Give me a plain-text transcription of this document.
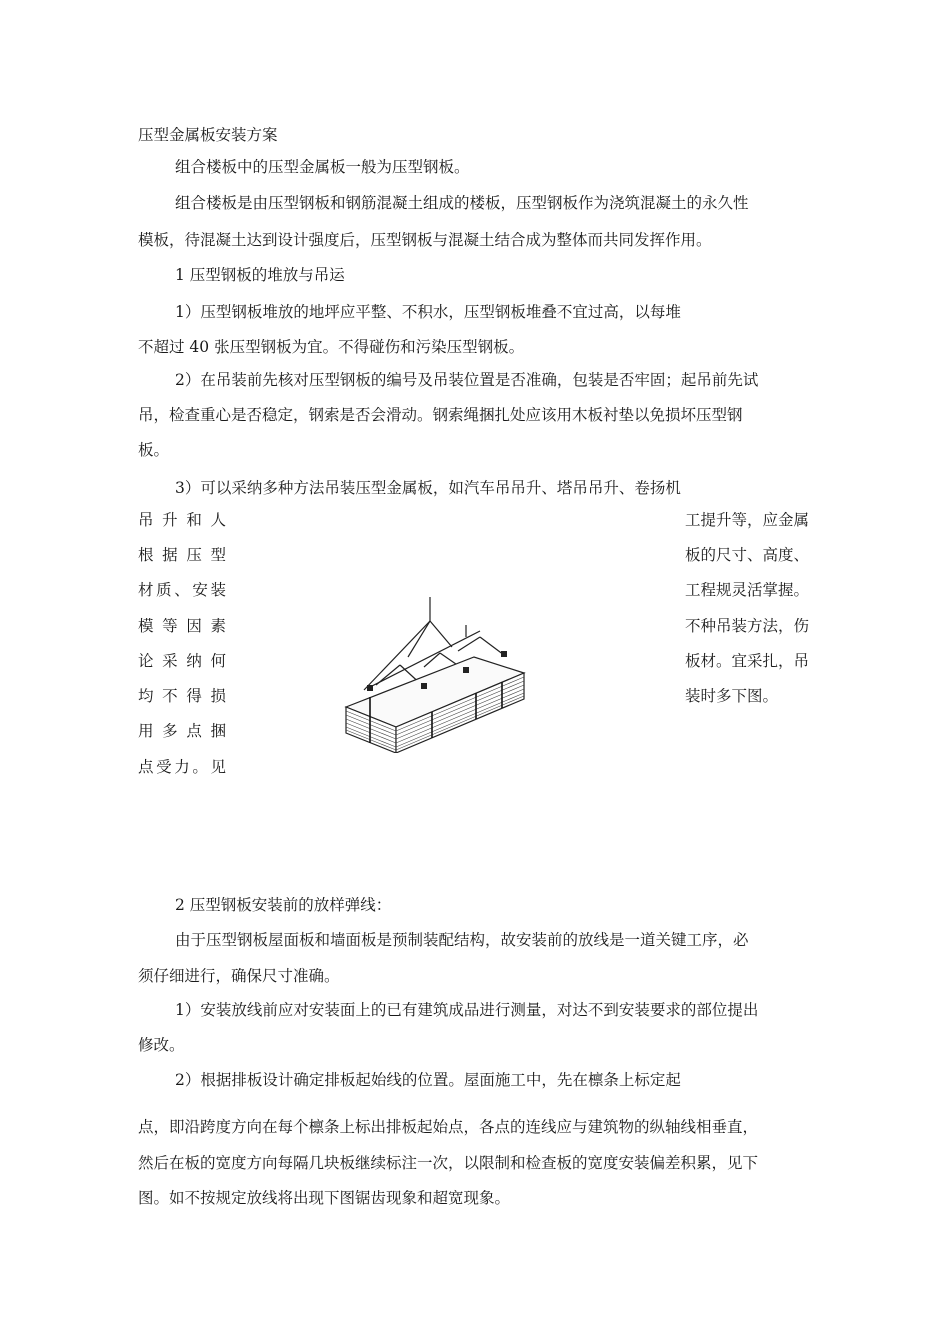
压型金属板安装方案

组合楼板中的压型金属板一般为压型钢板。

组合楼板是由压型钢板和钢筋混凝土组成的楼板，压型钢板作为浇筑混凝土的永久性

模板，待混凝土达到设计强度后，压型钢板与混凝土结合成为整体而共同发挥作用。

1 压型钢板的堆放与吊运

1）压型钢板堆放的地坪应平整、不积水，压型钢板堆叠不宜过高，以每堆

不超过 40 张压型钢板为宜。不得碰伤和污染压型钢板。

2）在吊装前先核对压型钢板的编号及吊装位置是否准确，包装是否牢固；起吊前先试

吊，检查重心是否稳定，钢索是否会滑动。钢索绳捆扎处应该用木板衬垫以免损坏压型钢

板。

3）可以采纳多种方法吊装压型金属板，如汽车吊吊升、塔吊吊升、卷扬机

吊升和人

根据压型

材质、安装

模等因素

论采纳何

均不得损

用多点捆

点受力。见

工提升等，应金属

板的尺寸、高度、

工程规灵活掌握。

不种吊装方法，伤

板材。宜采扎，吊

装时多下图。

2 压型钢板安装前的放样弹线：

由于压型钢板屋面板和墙面板是预制装配结构，故安装前的放线是一道关键工序，必

须仔细进行，确保尺寸准确。

1）安装放线前应对安装面上的已有建筑成品进行测量，对达不到安装要求的部位提出

修改。

2）根据排板设计确定排板起始线的位置。屋面施工中，先在檩条上标定起

点，即沿跨度方向在每个檩条上标出排板起始点，各点的连线应与建筑物的纵轴线相垂直，

然后在板的宽度方向每隔几块板继续标注一次，以限制和检查板的宽度安装偏差积累，见下

图。如不按规定放线将出现下图锯齿现象和超宽现象。
